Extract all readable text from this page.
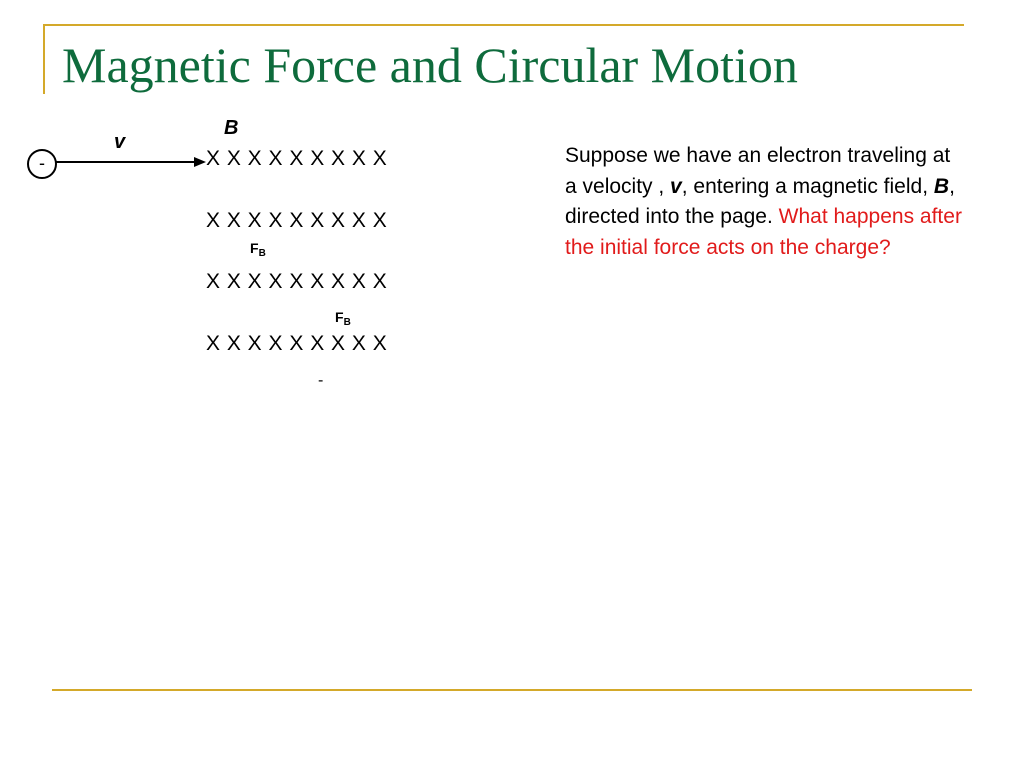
Magnetic Force and Circular Motion
v
B
-	X X X X X X X X X
X X X X X X X X X
X X X X X X X X X
X X X X X X X X X
$F_B$
$F_B$
-
Suppose we have an electron traveling at a velocity , v, entering a magnetic field, B, directed into the page. What happens after the initial force acts on the charge?
